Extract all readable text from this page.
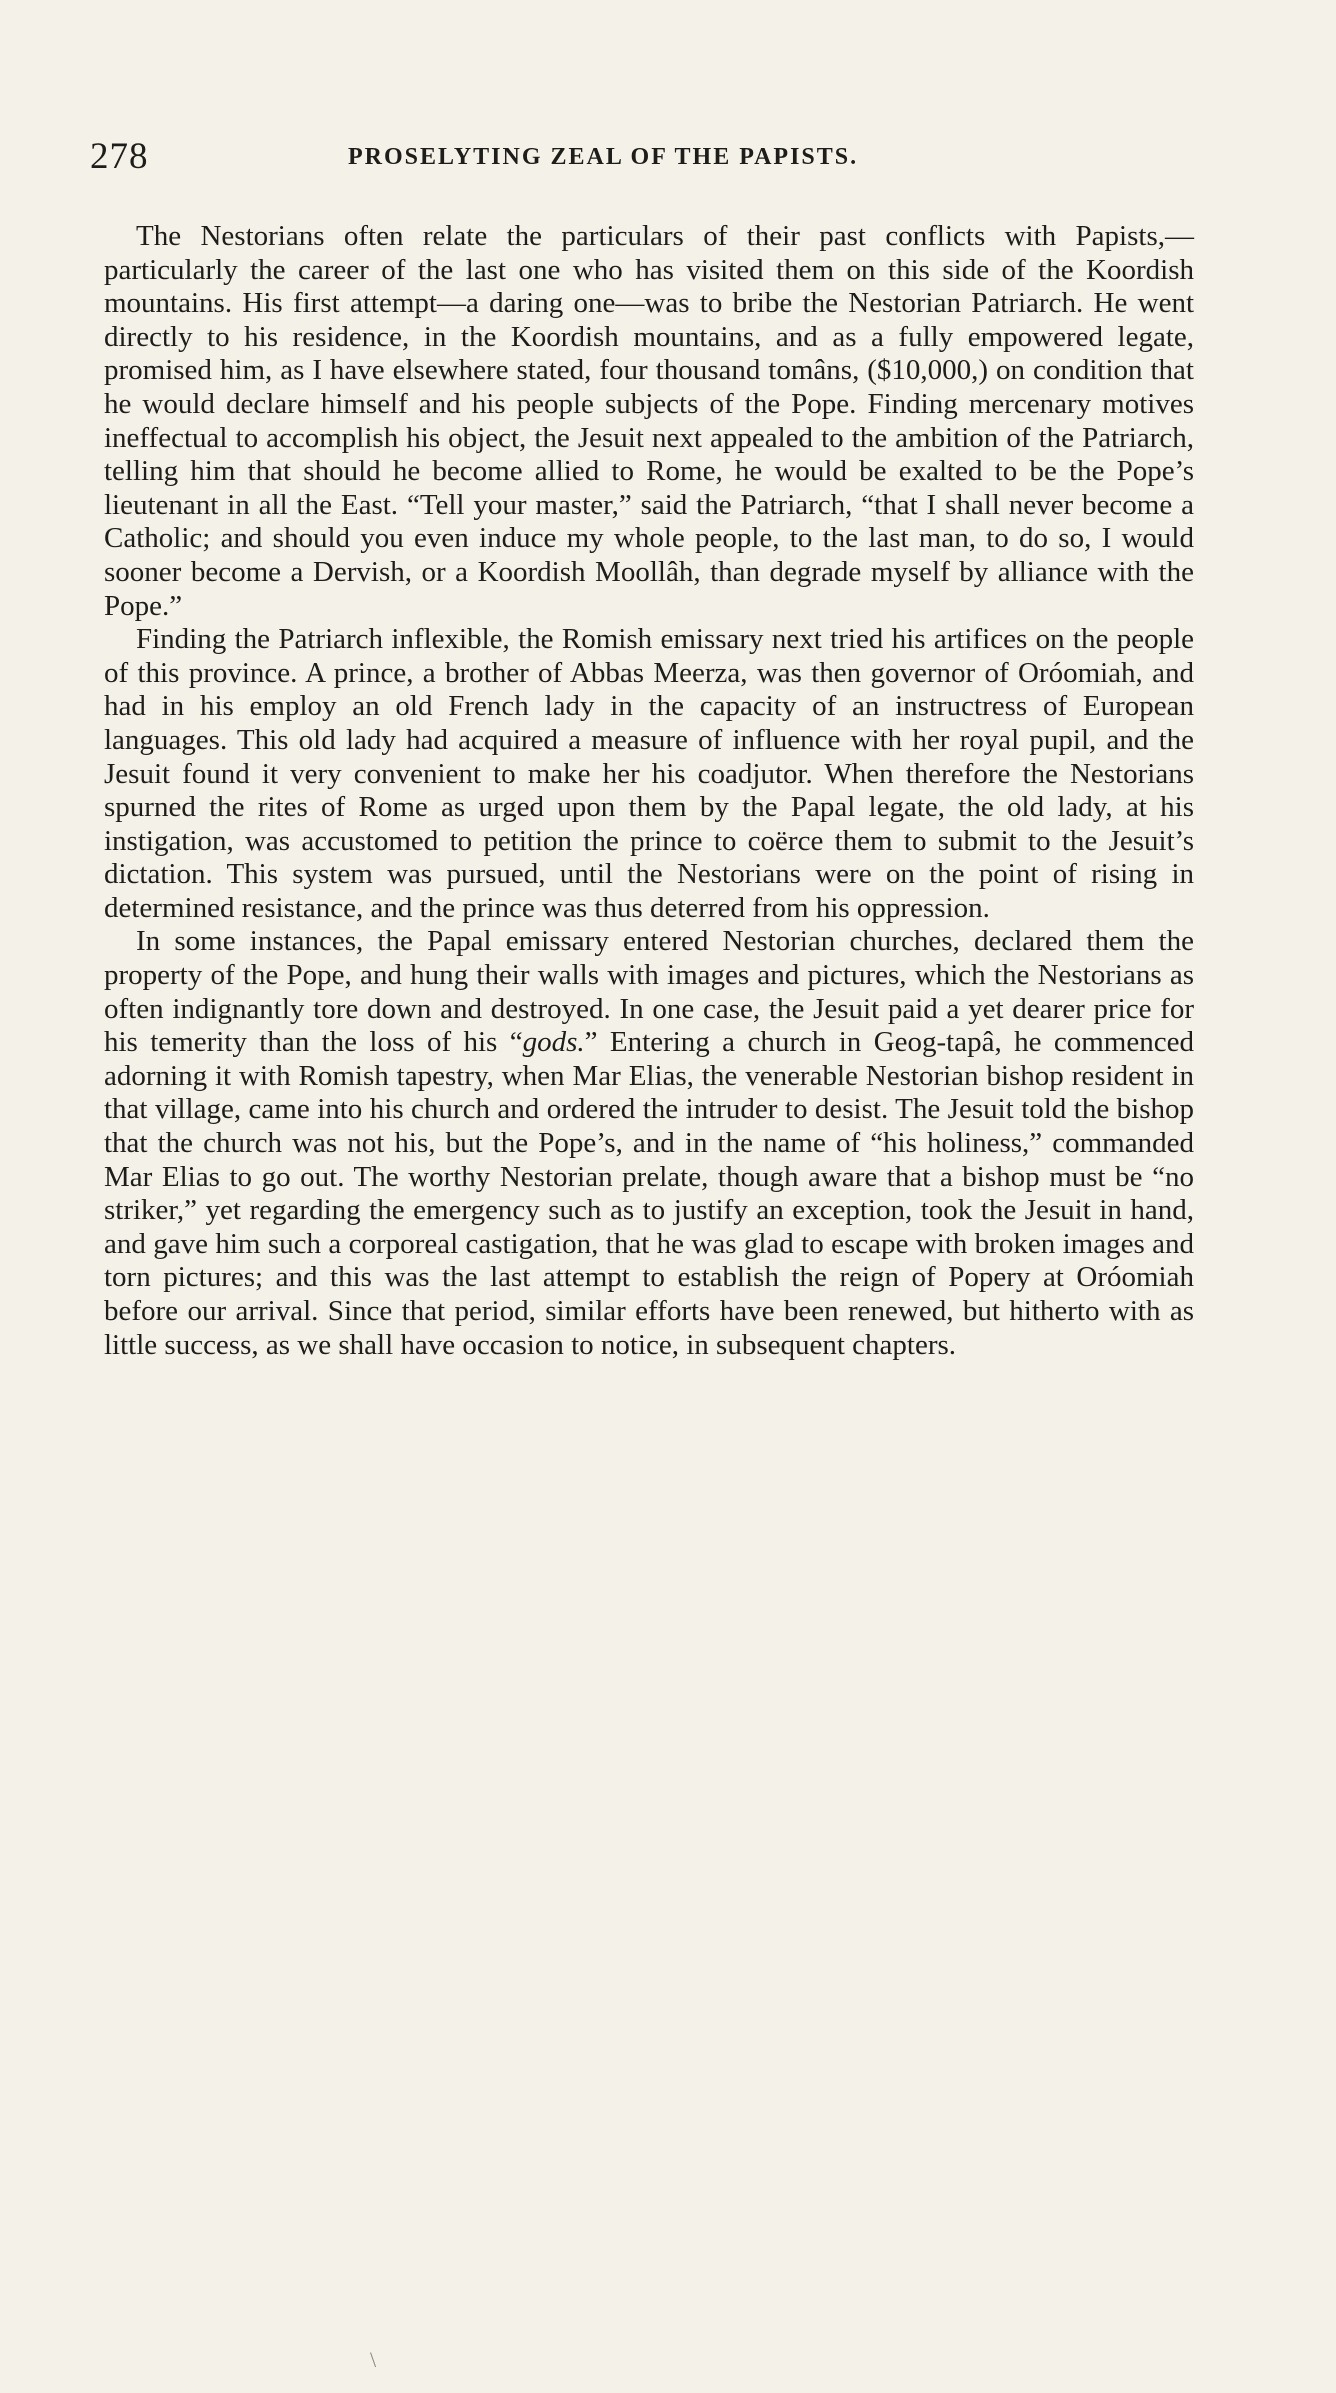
278	PROSELYTING ZEAL OF THE PAPISTS.

The Nestorians often relate the particulars of their past conflicts with Papists,—particularly the career of the last one who has visited them on this side of the Koordish mountains. His first attempt—a daring one—was to bribe the Nestorian Patriarch. He went directly to his residence, in the Koordish mountains, and as a fully empowered legate, promised him, as I have elsewhere stated, four thousand tomâns, ($10,000,) on condition that he would declare himself and his people subjects of the Pope. Finding mercenary motives ineffectual to accomplish his object, the Jesuit next appealed to the ambition of the Patriarch, telling him that should he become allied to Rome, he would be exalted to be the Pope’s lieutenant in all the East. “Tell your master,” said the Patriarch, “that I shall never become a Catholic; and should you even induce my whole people, to the last man, to do so, I would sooner become a Dervish, or a Koordish Moollâh, than degrade myself by alliance with the Pope.”

Finding the Patriarch inflexible, the Romish emissary next tried his artifices on the people of this province. A prince, a brother of Abbas Meerza, was then governor of Oróomiah, and had in his employ an old French lady in the capacity of an instructress of European languages. This old lady had acquired a measure of influence with her royal pupil, and the Jesuit found it very convenient to make her his coadjutor. When therefore the Nestorians spurned the rites of Rome as urged upon them by the Papal legate, the old lady, at his instigation, was accustomed to petition the prince to coërce them to submit to the Jesuit’s dictation. This system was pursued, until the Nestorians were on the point of rising in determined resistance, and the prince was thus deterred from his oppression.

In some instances, the Papal emissary entered Nestorian churches, declared them the property of the Pope, and hung their walls with images and pictures, which the Nestorians as often indignantly tore down and destroyed. In one case, the Jesuit paid a yet dearer price for his temerity than the loss of his “gods.” Entering a church in Geog-tapâ, he commenced adorning it with Romish tapestry, when Mar Elias, the venerable Nestorian bishop resident in that village, came into his church and ordered the intruder to desist. The Jesuit told the bishop that the church was not his, but the Pope’s, and in the name of “his holiness,” commanded Mar Elias to go out. The worthy Nestorian prelate, though aware that a bishop must be “no striker,” yet regarding the emergency such as to justify an exception, took the Jesuit in hand, and gave him such a corporeal castigation, that he was glad to escape with broken images and torn pictures; and this was the last attempt to establish the reign of Popery at Oróomiah before our arrival. Since that period, similar efforts have been renewed, but hitherto with as little success, as we shall have occasion to notice, in subsequent chapters.

\
